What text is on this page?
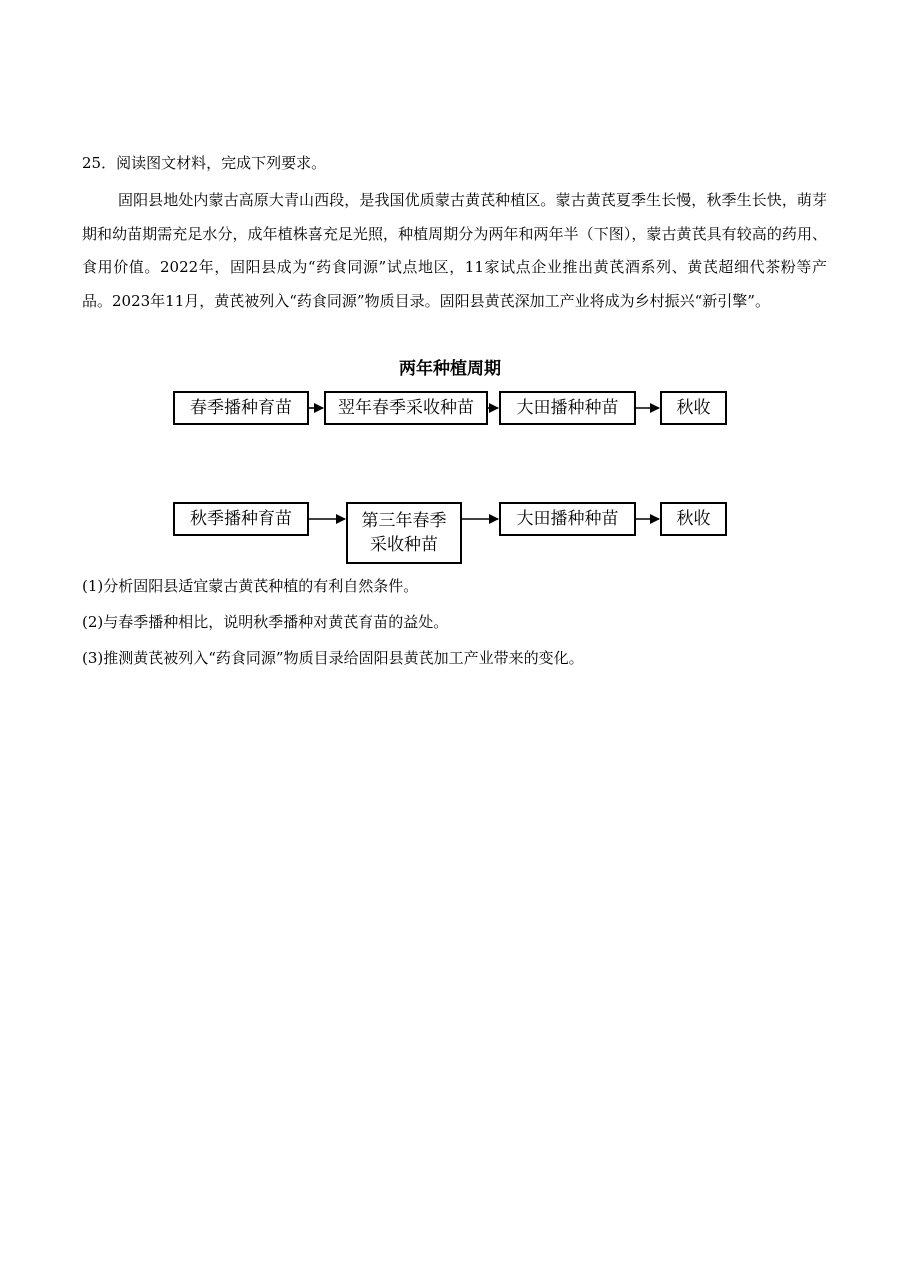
25．阅读图文材料，完成下列要求。

固阳县地处内蒙古高原大青山西段，是我国优质蒙古黄芪种植区。蒙古黄芪夏季生长慢，秋季生长快，萌芽期和幼苗期需充足水分，成年植株喜充足光照，种植周期分为两年和两年半（下图），蒙古黄芪具有较高的药用、食用价值。2022年，固阳县成为“药食同源”试点地区，11家试点企业推出黄芪酒系列、黄芪超细代茶粉等产品。2023年11月，黄芪被列入“药食同源”物质目录。固阳县黄芪深加工产业将成为乡村振兴“新引擎”。

两年种植周期
春季播种育苗	翌年春季采收种苗	大田播种种苗	秋收
秋季播种育苗	第三年春季
采收种苗
大田播种种苗	秋收
(1)分析固阳县适宜蒙古黄芪种植的有利自然条件。
(2)与春季播种相比，说明秋季播种对黄芪育苗的益处。
(3)推测黄芪被列入“药食同源”物质目录给固阳县黄芪加工产业带来的变化。
